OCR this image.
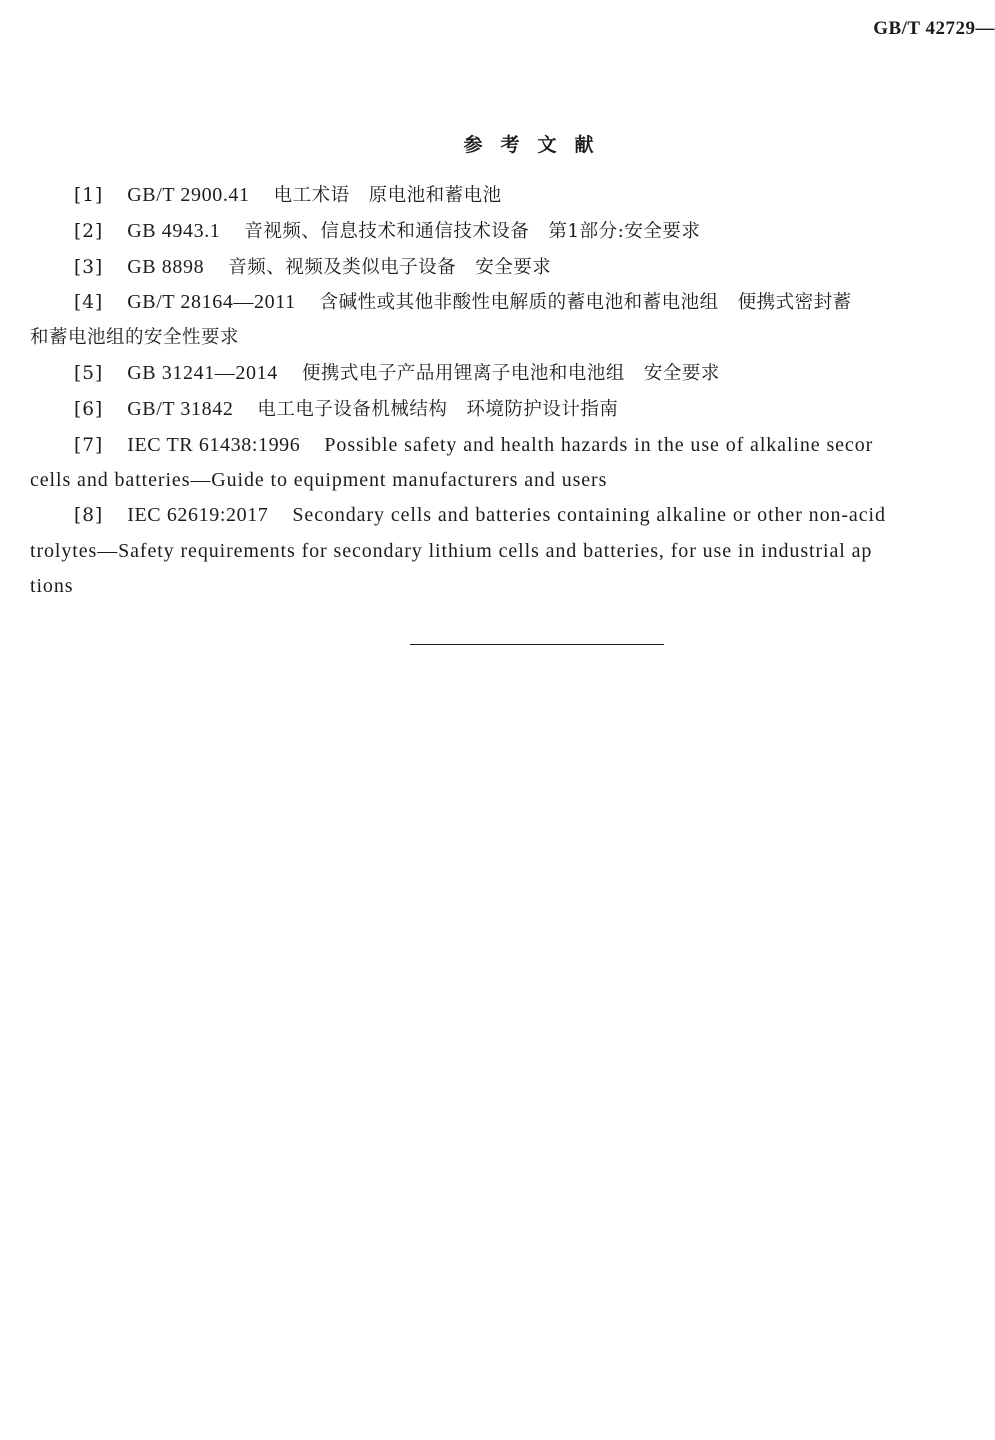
GB/T 42729—
参考文献
[1] GB/T 2900.41 电工术语　原电池和蓄电池
[2] GB 4943.1 音视频、信息技术和通信技术设备　第1部分:安全要求
[3] GB 8898 音频、视频及类似电子设备　安全要求
[4] GB/T 28164—2011 含碱性或其他非酸性电解质的蓄电池和蓄电池组　便携式密封蓄
和蓄电池组的安全性要求
[5] GB 31241—2014 便携式电子产品用锂离子电池和电池组　安全要求
[6] GB/T 31842 电工电子设备机械结构　环境防护设计指南
[7] IEC TR 61438:1996 Possible safety and health hazards in the use of alkaline secor
cells and batteries—Guide to equipment manufacturers and users
[8] IEC 62619:2017 Secondary cells and batteries containing alkaline or other non-acid
trolytes—Safety requirements for secondary lithium cells and batteries, for use in industrial ap
tions
